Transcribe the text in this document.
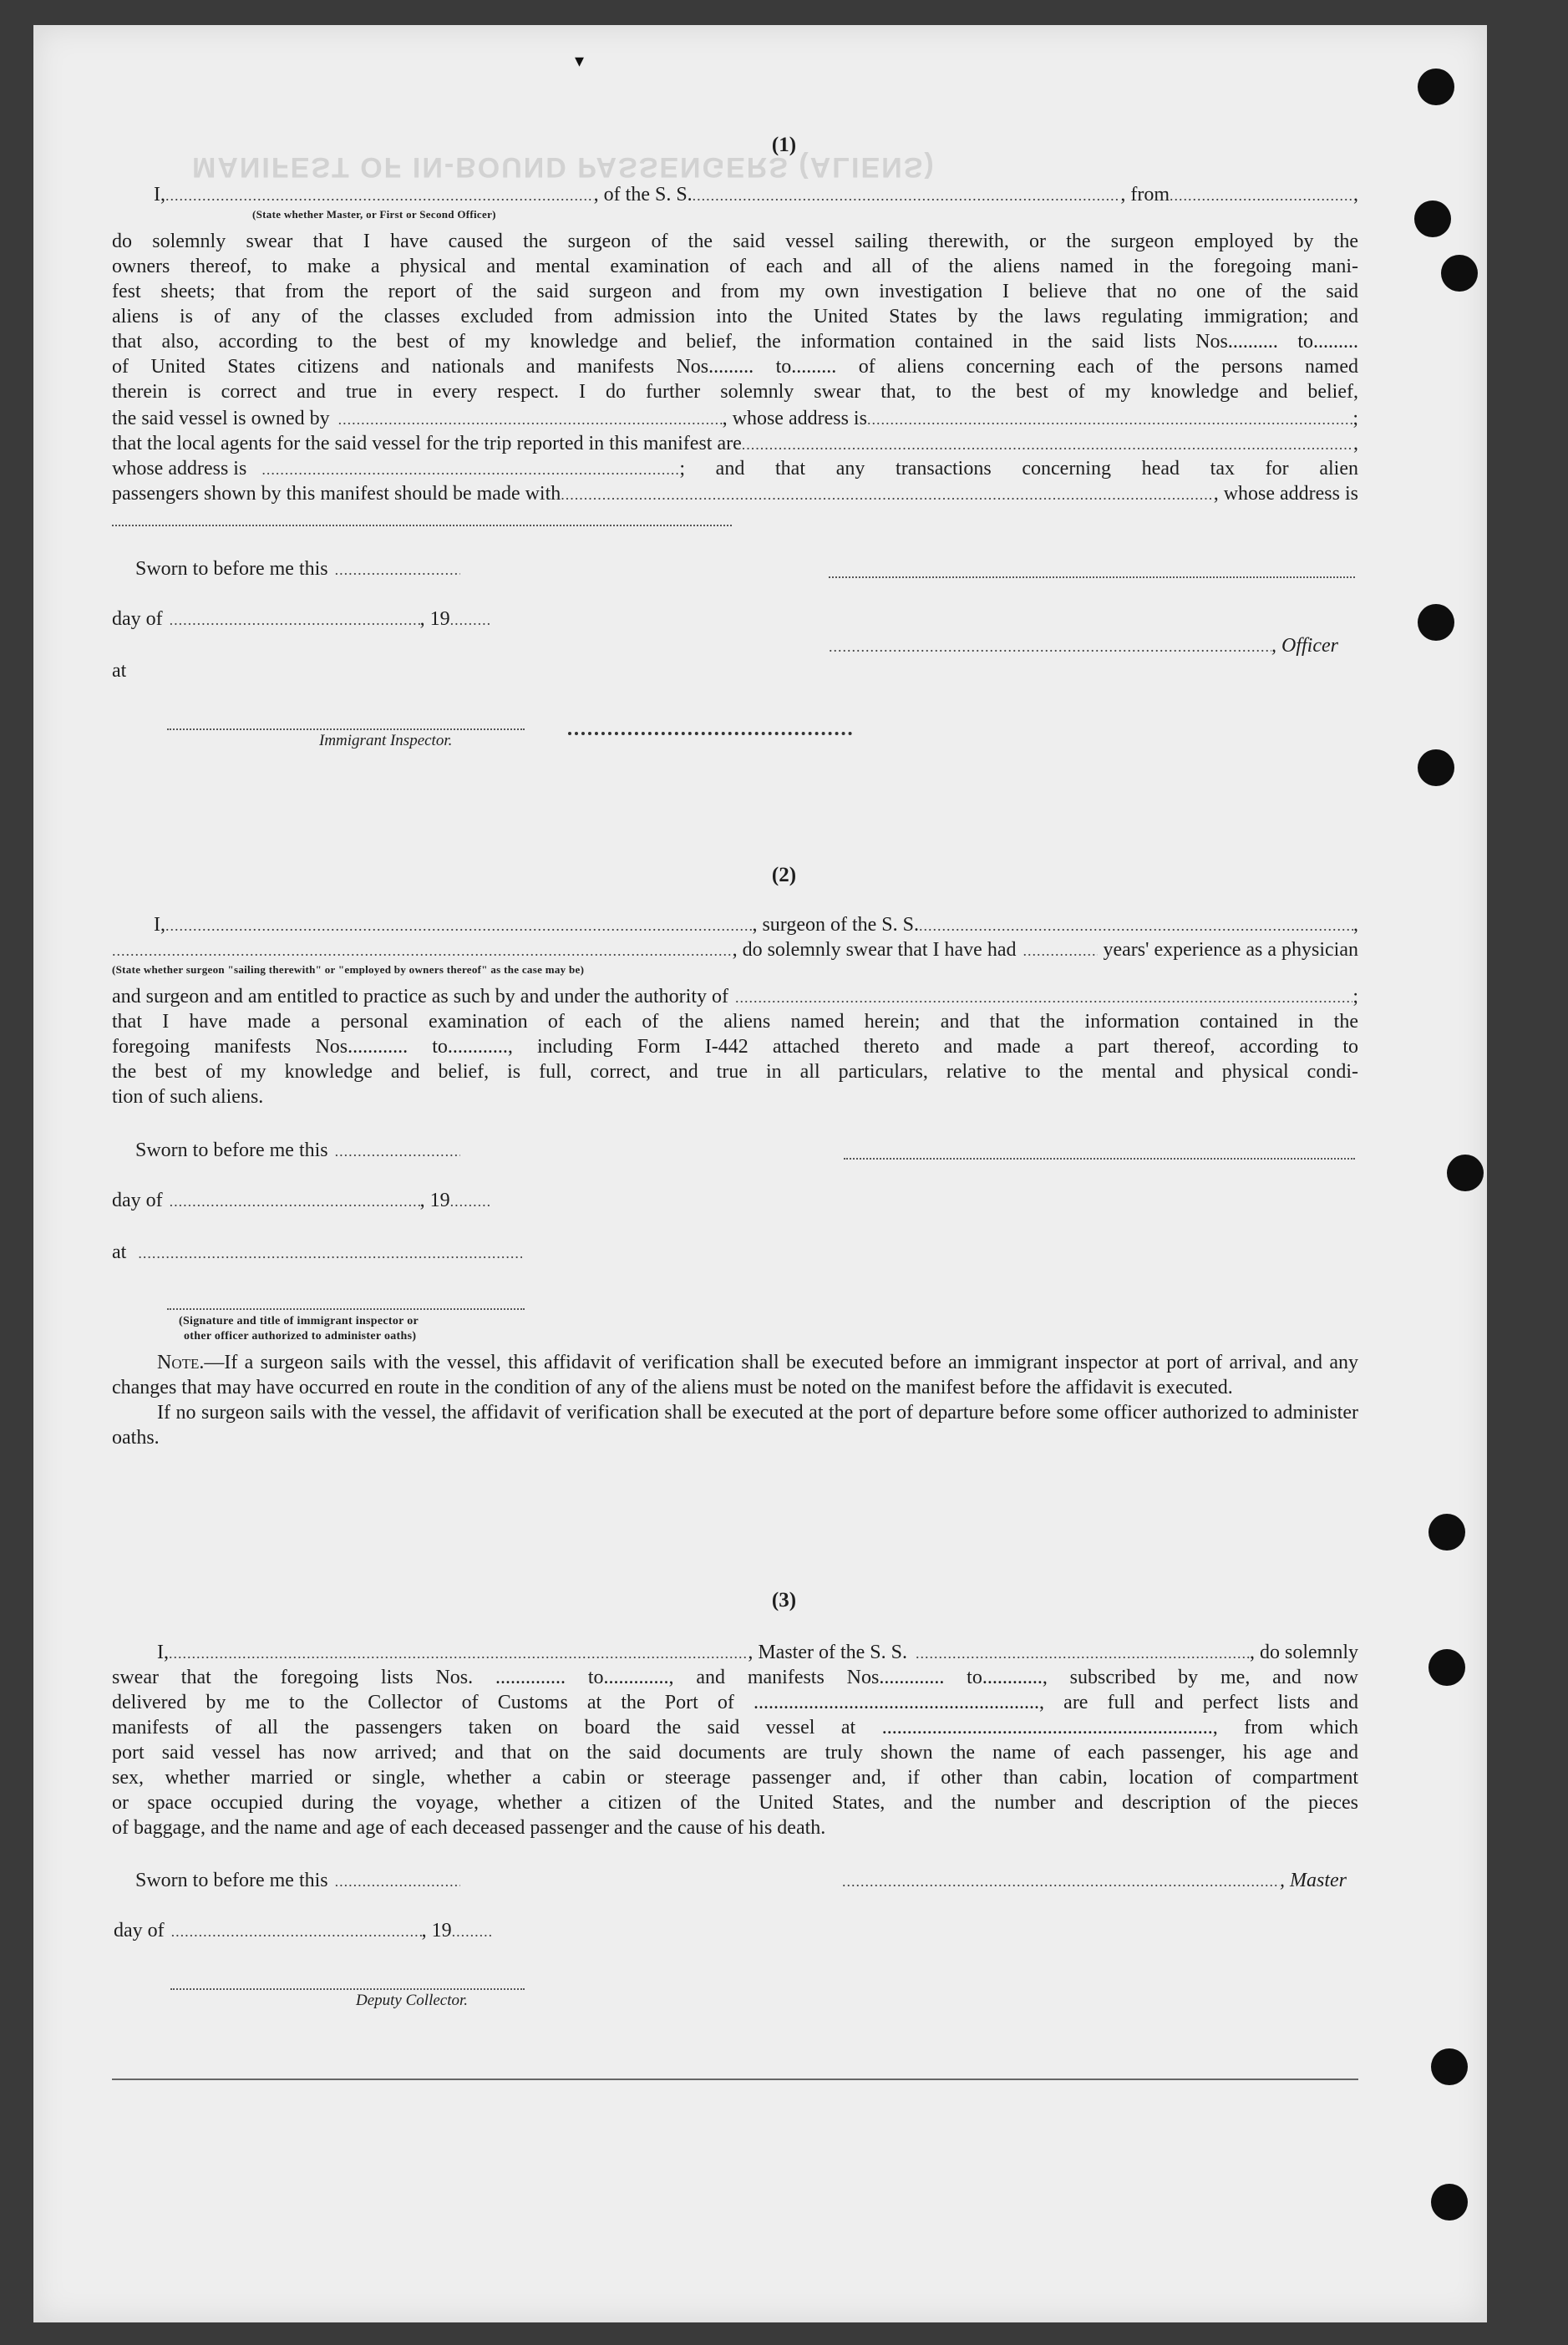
MANIFEST OF IN-BOUND PASSENGERS (ALIENS)
▾
(1)
I, .....	, of the S. S. .....	, from .....	,
(State whether Master, or First or Second Officer)
do solemnly swear that I have caused the surgeon of the said vessel sailing therewith, or the surgeon employed by the
owners thereof, to make a physical and mental examination of each and all of the aliens named in the foregoing mani-
fest sheets; that from the report of the said surgeon and from my own investigation I believe that no one of the said
aliens is of any of the classes excluded from admission into the United States by the laws regulating immigration; and
that also, according to the best of my knowledge and belief, the information contained in the said lists Nos.......... to.........
of United States citizens and nationals and manifests Nos......... to......... of aliens concerning each of the persons named
therein is correct and true in every respect. I do further solemnly swear that, to the best of my knowledge and belief,
the said vessel is owned by .....	, whose address is .....	;
that the local agents for the said vessel for the trip reported in this manifest are .....	,
whose address is .....	; and that any transactions concerning head tax for alien
passengers shown by this manifest should be made with .....	, whose address is
Sworn to before me this
.....
day of .....	, 19
.....
.....
, Officer
at
Immigrant Inspector.
(2)
I, .....	, surgeon of the S. S. .....	,
.....
, do solemnly swear that I have had .....	years' experience as a physician
(State whether surgeon "sailing therewith" or "employed by owners thereof" as the case may be)
and surgeon and am entitled to practice as such by and under the authority of .....	;
that I have made a personal examination of each of the aliens named herein; and that the information contained in the
foregoing manifests Nos............ to............, including Form I-442 attached thereto and made a part thereof, according to
the best of my knowledge and belief, is full, correct, and true in all particulars, relative to the mental and physical condi-
tion of such aliens.
Sworn to before me this
.....
day of .....	, 19
.....
at
.....
(Signature and title of immigrant inspector or
other officer authorized to administer oaths)
Note.—If a surgeon sails with the vessel, this affidavit of verification shall be executed before an immigrant inspector at port of arrival, and any changes that may have occurred en route in the condition of any of the aliens must be noted on the manifest before the affidavit is executed.
If no surgeon sails with the vessel, the affidavit of verification shall be executed at the port of departure before some officer authorized to administer oaths.
(3)
I, .....	, Master of the S. S. .....	, do solemnly
swear that the foregoing lists Nos. .............. to............., and manifests Nos............. to............, subscribed by me, and now
delivered by me to the Collector of Customs at the Port of ........................................................., are full and perfect lists and
manifests of all the passengers taken on board the said vessel at .................................................................., from which
port said vessel has now arrived; and that on the said documents are truly shown the name of each passenger, his age and
sex, whether married or single, whether a cabin or steerage passenger and, if other than cabin, location of compartment
or space occupied during the voyage, whether a citizen of the United States, and the number and description of the pieces
of baggage, and the name and age of each deceased passenger and the cause of his death.
Sworn to before me this ..... .....	, Master
day of .....	, 19
.....
Deputy Collector.
